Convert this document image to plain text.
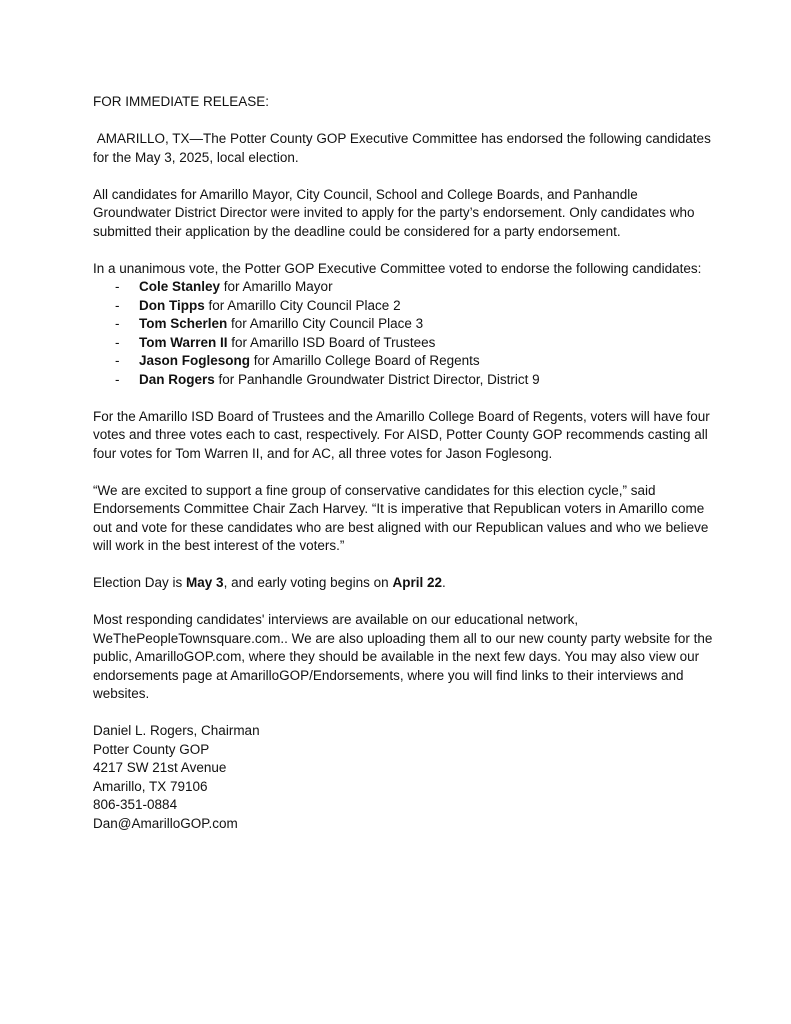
FOR IMMEDIATE RELEASE:

AMARILLO, TX—The Potter County GOP Executive Committee has endorsed the following candidates for the May 3, 2025, local election.

All candidates for Amarillo Mayor, City Council, School and College Boards, and Panhandle Groundwater District Director were invited to apply for the party’s endorsement. Only candidates who submitted their application by the deadline could be considered for a party endorsement.

In a unanimous vote, the Potter GOP Executive Committee voted to endorse the following candidates:

- Cole Stanley for Amarillo Mayor
- Don Tipps for Amarillo City Council Place 2
- Tom Scherlen for Amarillo City Council Place 3
- Tom Warren II for Amarillo ISD Board of Trustees
- Jason Foglesong for Amarillo College Board of Regents
- Dan Rogers for Panhandle Groundwater District Director, District 9

For the Amarillo ISD Board of Trustees and the Amarillo College Board of Regents, voters will have four votes and three votes each to cast, respectively. For AISD, Potter County GOP recommends casting all four votes for Tom Warren II, and for AC, all three votes for Jason Foglesong.

“We are excited to support a fine group of conservative candidates for this election cycle,” said Endorsements Committee Chair Zach Harvey. “It is imperative that Republican voters in Amarillo come out and vote for these candidates who are best aligned with our Republican values and who we believe will work in the best interest of the voters.”

Election Day is May 3, and early voting begins on April 22.

Most responding candidates' interviews are available on our educational network, WeThePeopleTownsquare.com.. We are also uploading them all to our new county party website for the public, AmarilloGOP.com, where they should be available in the next few days. You may also view our endorsements page at AmarilloGOP/Endorsements, where you will find links to their interviews and websites.

Daniel L. Rogers, Chairman

Potter County GOP

4217 SW 21st Avenue

Amarillo, TX 79106

806-351-0884

Dan@AmarilloGOP.com
